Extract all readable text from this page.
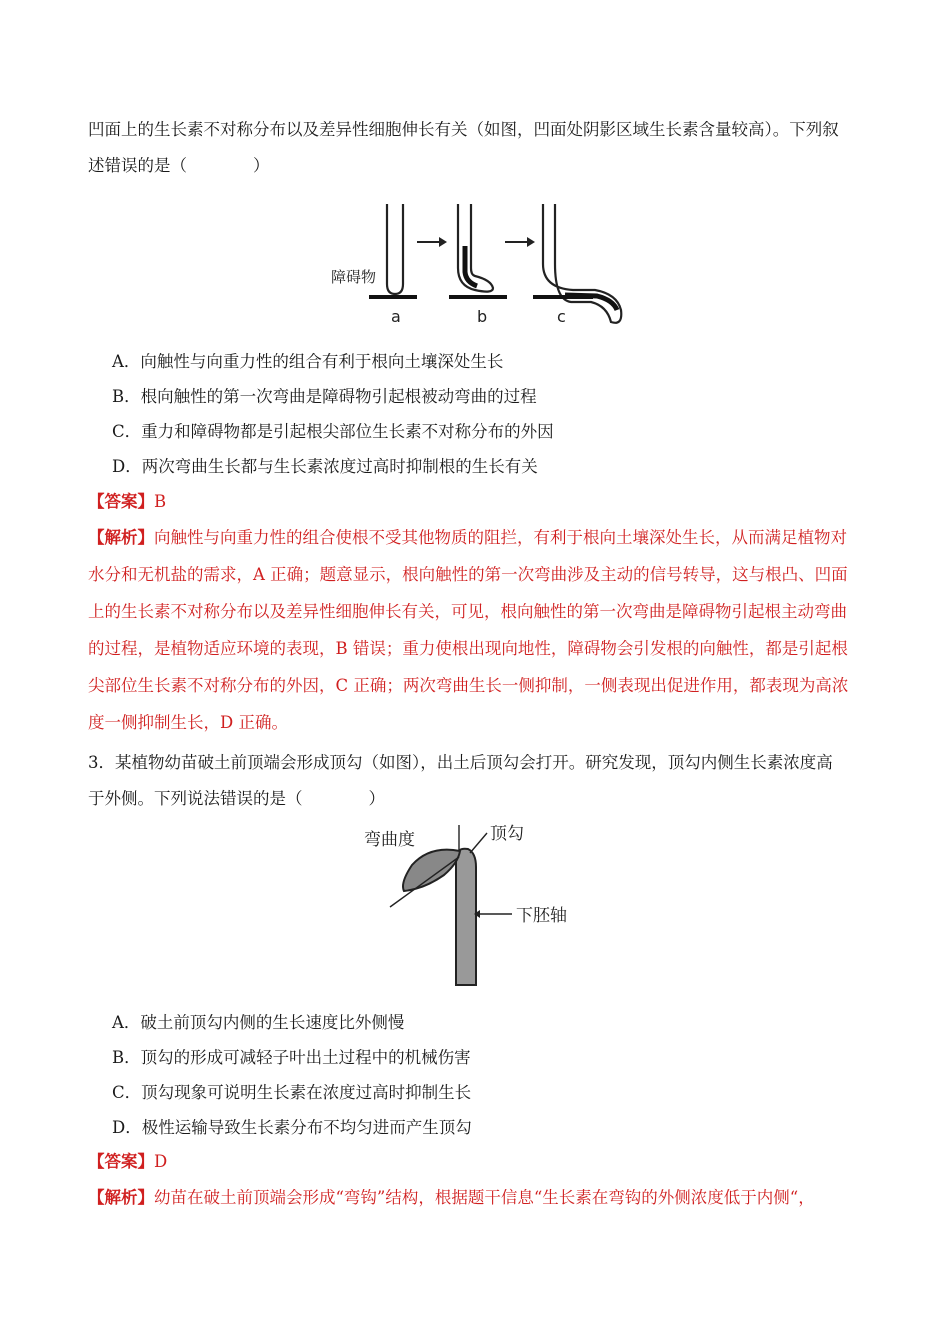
凹面上的生长素不对称分布以及差异性细胞伸长有关（如图，凹面处阴影区域生长素含量较高）。下列叙
述错误的是（　　　　）
障碍物
a	b	c
A．向触性与向重力性的组合有利于根向土壤深处生长
B．根向触性的第一次弯曲是障碍物引起根被动弯曲的过程
C．重力和障碍物都是引起根尖部位生长素不对称分布的外因
D．两次弯曲生长都与生长素浓度过高时抑制根的生长有关
【答案】B
【解析】向触性与向重力性的组合使根不受其他物质的阻拦，有利于根向土壤深处生长，从而满足植物对
水分和无机盐的需求，A 正确；题意显示，根向触性的第一次弯曲涉及主动的信号转导，这与根凸、凹面
上的生长素不对称分布以及差异性细胞伸长有关，可见，根向触性的第一次弯曲是障碍物引起根主动弯曲
的过程，是植物适应环境的表现，B 错误；重力使根出现向地性，障碍物会引发根的向触性，都是引起根
尖部位生长素不对称分布的外因，C 正确；两次弯曲生长一侧抑制，一侧表现出促进作用，都表现为高浓
度一侧抑制生长，D 正确。
3．某植物幼苗破土前顶端会形成顶勾（如图），出土后顶勾会打开。研究发现，顶勾内侧生长素浓度高
于外侧。下列说法错误的是（　　　　）
弯曲度	顶勾
下胚轴
A．破土前顶勾内侧的生长速度比外侧慢
B．顶勾的形成可减轻子叶出土过程中的机械伤害
C．顶勾现象可说明生长素在浓度过高时抑制生长
D．极性运输导致生长素分布不均匀进而产生顶勾
【答案】D
【解析】幼苗在破土前顶端会形成“弯钩”结构，根据题干信息“生长素在弯钩的外侧浓度低于内侧“，
